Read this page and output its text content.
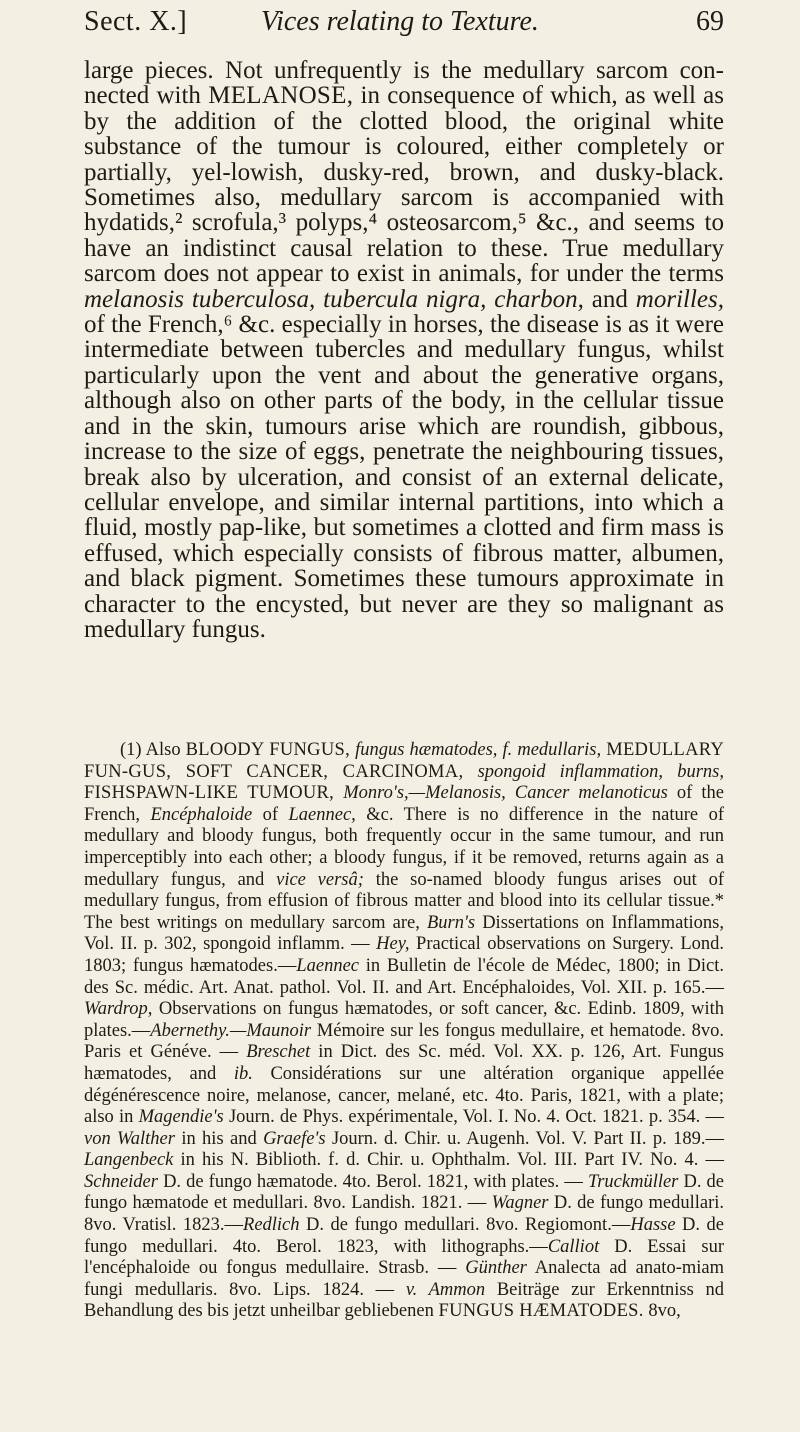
Sect. X.]	Vices relating to Texture.	69

large pieces. Not unfrequently is the medullary sarcom con-nected with MELANOSE, in consequence of which, as well as by the addition of the clotted blood, the original white substance of the tumour is coloured, either completely or partially, yel-lowish, dusky-red, brown, and dusky-black. Sometimes also, medullary sarcom is accompanied with hydatids,² scrofula,³ polyps,⁴ osteosarcom,⁵ &c., and seems to have an indistinct causal relation to these. True medullary sarcom does not appear to exist in animals, for under the terms melanosis tuberculosa, tubercula nigra, charbon, and morilles, of the French,⁶ &c. especially in horses, the disease is as it were intermediate between tubercles and medullary fungus, whilst particularly upon the vent and about the generative organs, although also on other parts of the body, in the cellular tissue and in the skin, tumours arise which are roundish, gibbous, increase to the size of eggs, penetrate the neighbouring tissues, break also by ulceration, and consist of an external delicate, cellular envelope, and similar internal partitions, into which a fluid, mostly pap-like, but sometimes a clotted and firm mass is effused, which especially consists of fibrous matter, albumen, and black pigment. Sometimes these tumours approximate in character to the encysted, but never are they so malignant as medullary fungus.

(1) Also BLOODY FUNGUS, fungus hæmatodes, f. medullaris, MEDULLARY FUN-GUS, SOFT CANCER, CARCINOMA, spongoid inflammation, burns, FISHSPAWN-LIKE TUMOUR, Monro's,—Melanosis, Cancer melanoticus of the French, Encéphaloide of Laennec, &c. There is no difference in the nature of medullary and bloody fungus, both frequently occur in the same tumour, and run imperceptibly into each other; a bloody fungus, if it be removed, returns again as a medullary fungus, and vice versâ; the so-named bloody fungus arises out of medullary fungus, from effusion of fibrous matter and blood into its cellular tissue.* The best writings on medullary sarcom are, Burn's Dissertations on Inflammations, Vol. II. p. 302, spongoid inflamm. — Hey, Practical observations on Surgery. Lond. 1803; fungus hæmatodes.—Laennec in Bulletin de l'école de Médec, 1800; in Dict. des Sc. médic. Art. Anat. pathol. Vol. II. and Art. Encéphaloides, Vol. XII. p. 165.—Wardrop, Observations on fungus hæmatodes, or soft cancer, &c. Edinb. 1809, with plates.—Abernethy.—Maunoir Mémoire sur les fongus medullaire, et hematode. 8vo. Paris et Généve. — Breschet in Dict. des Sc. méd. Vol. XX. p. 126, Art. Fungus hæmatodes, and ib. Considérations sur une altération organique appellée dégénérescence noire, melanose, cancer, melané, etc. 4to. Paris, 1821, with a plate; also in Magendie's Journ. de Phys. expérimentale, Vol. I. No. 4. Oct. 1821. p. 354. — von Walther in his and Graefe's Journ. d. Chir. u. Augenh. Vol. V. Part II. p. 189.—Langenbeck in his N. Biblioth. f. d. Chir. u. Ophthalm. Vol. III. Part IV. No. 4. — Schneider D. de fungo hæmatode. 4to. Berol. 1821, with plates. — Truckmüller D. de fungo hæmatode et medullari. 8vo. Landish. 1821. — Wagner D. de fungo medullari. 8vo. Vratisl. 1823.—Redlich D. de fungo medullari. 8vo. Regiomont.—Hasse D. de fungo medullari. 4to. Berol. 1823, with lithographs.—Calliot D. Essai sur l'encéphaloide ou fongus medullaire. Strasb. — Günther Analecta ad anato-miam fungi medullaris. 8vo. Lips. 1824. — v. Ammon Beiträge zur Erkenntniss nd Behandlung des bis jetzt unheilbar gebliebenen FUNGUS HÆMATODES. 8vo,
